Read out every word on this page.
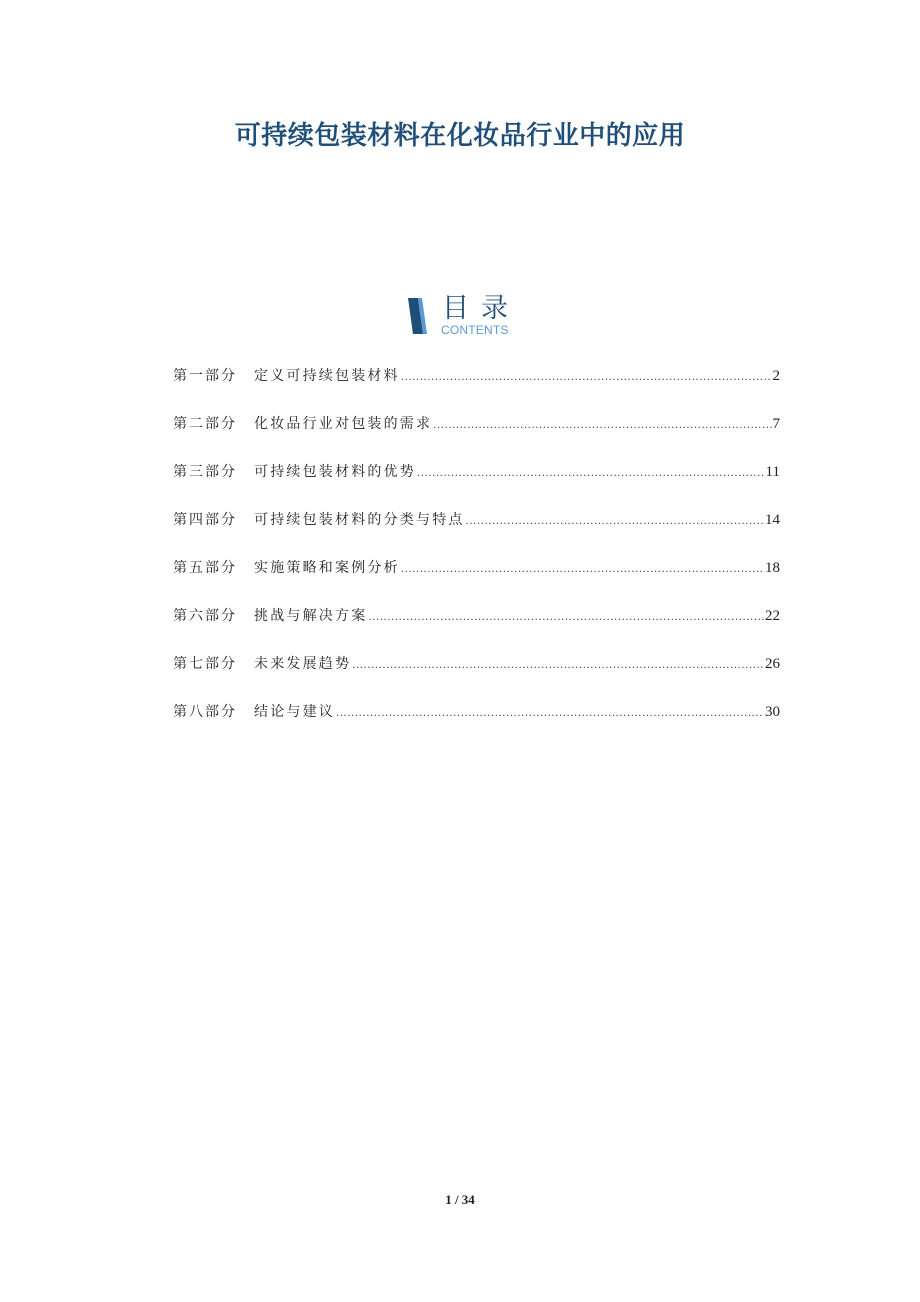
可持续包装材料在化妆品行业中的应用
目录
CONTENTS
第一部分	定义可持续包装材料 .....	2
第二部分	化妆品行业对包装的需求 .....	7
第三部分	可持续包装材料的优势 .....	11
第四部分	可持续包装材料的分类与特点 .....	14
第五部分	实施策略和案例分析 .....	18
第六部分	挑战与解决方案 .....	22
第七部分	未来发展趋势 .....	26
第八部分	结论与建议 .....	30
1 / 34
